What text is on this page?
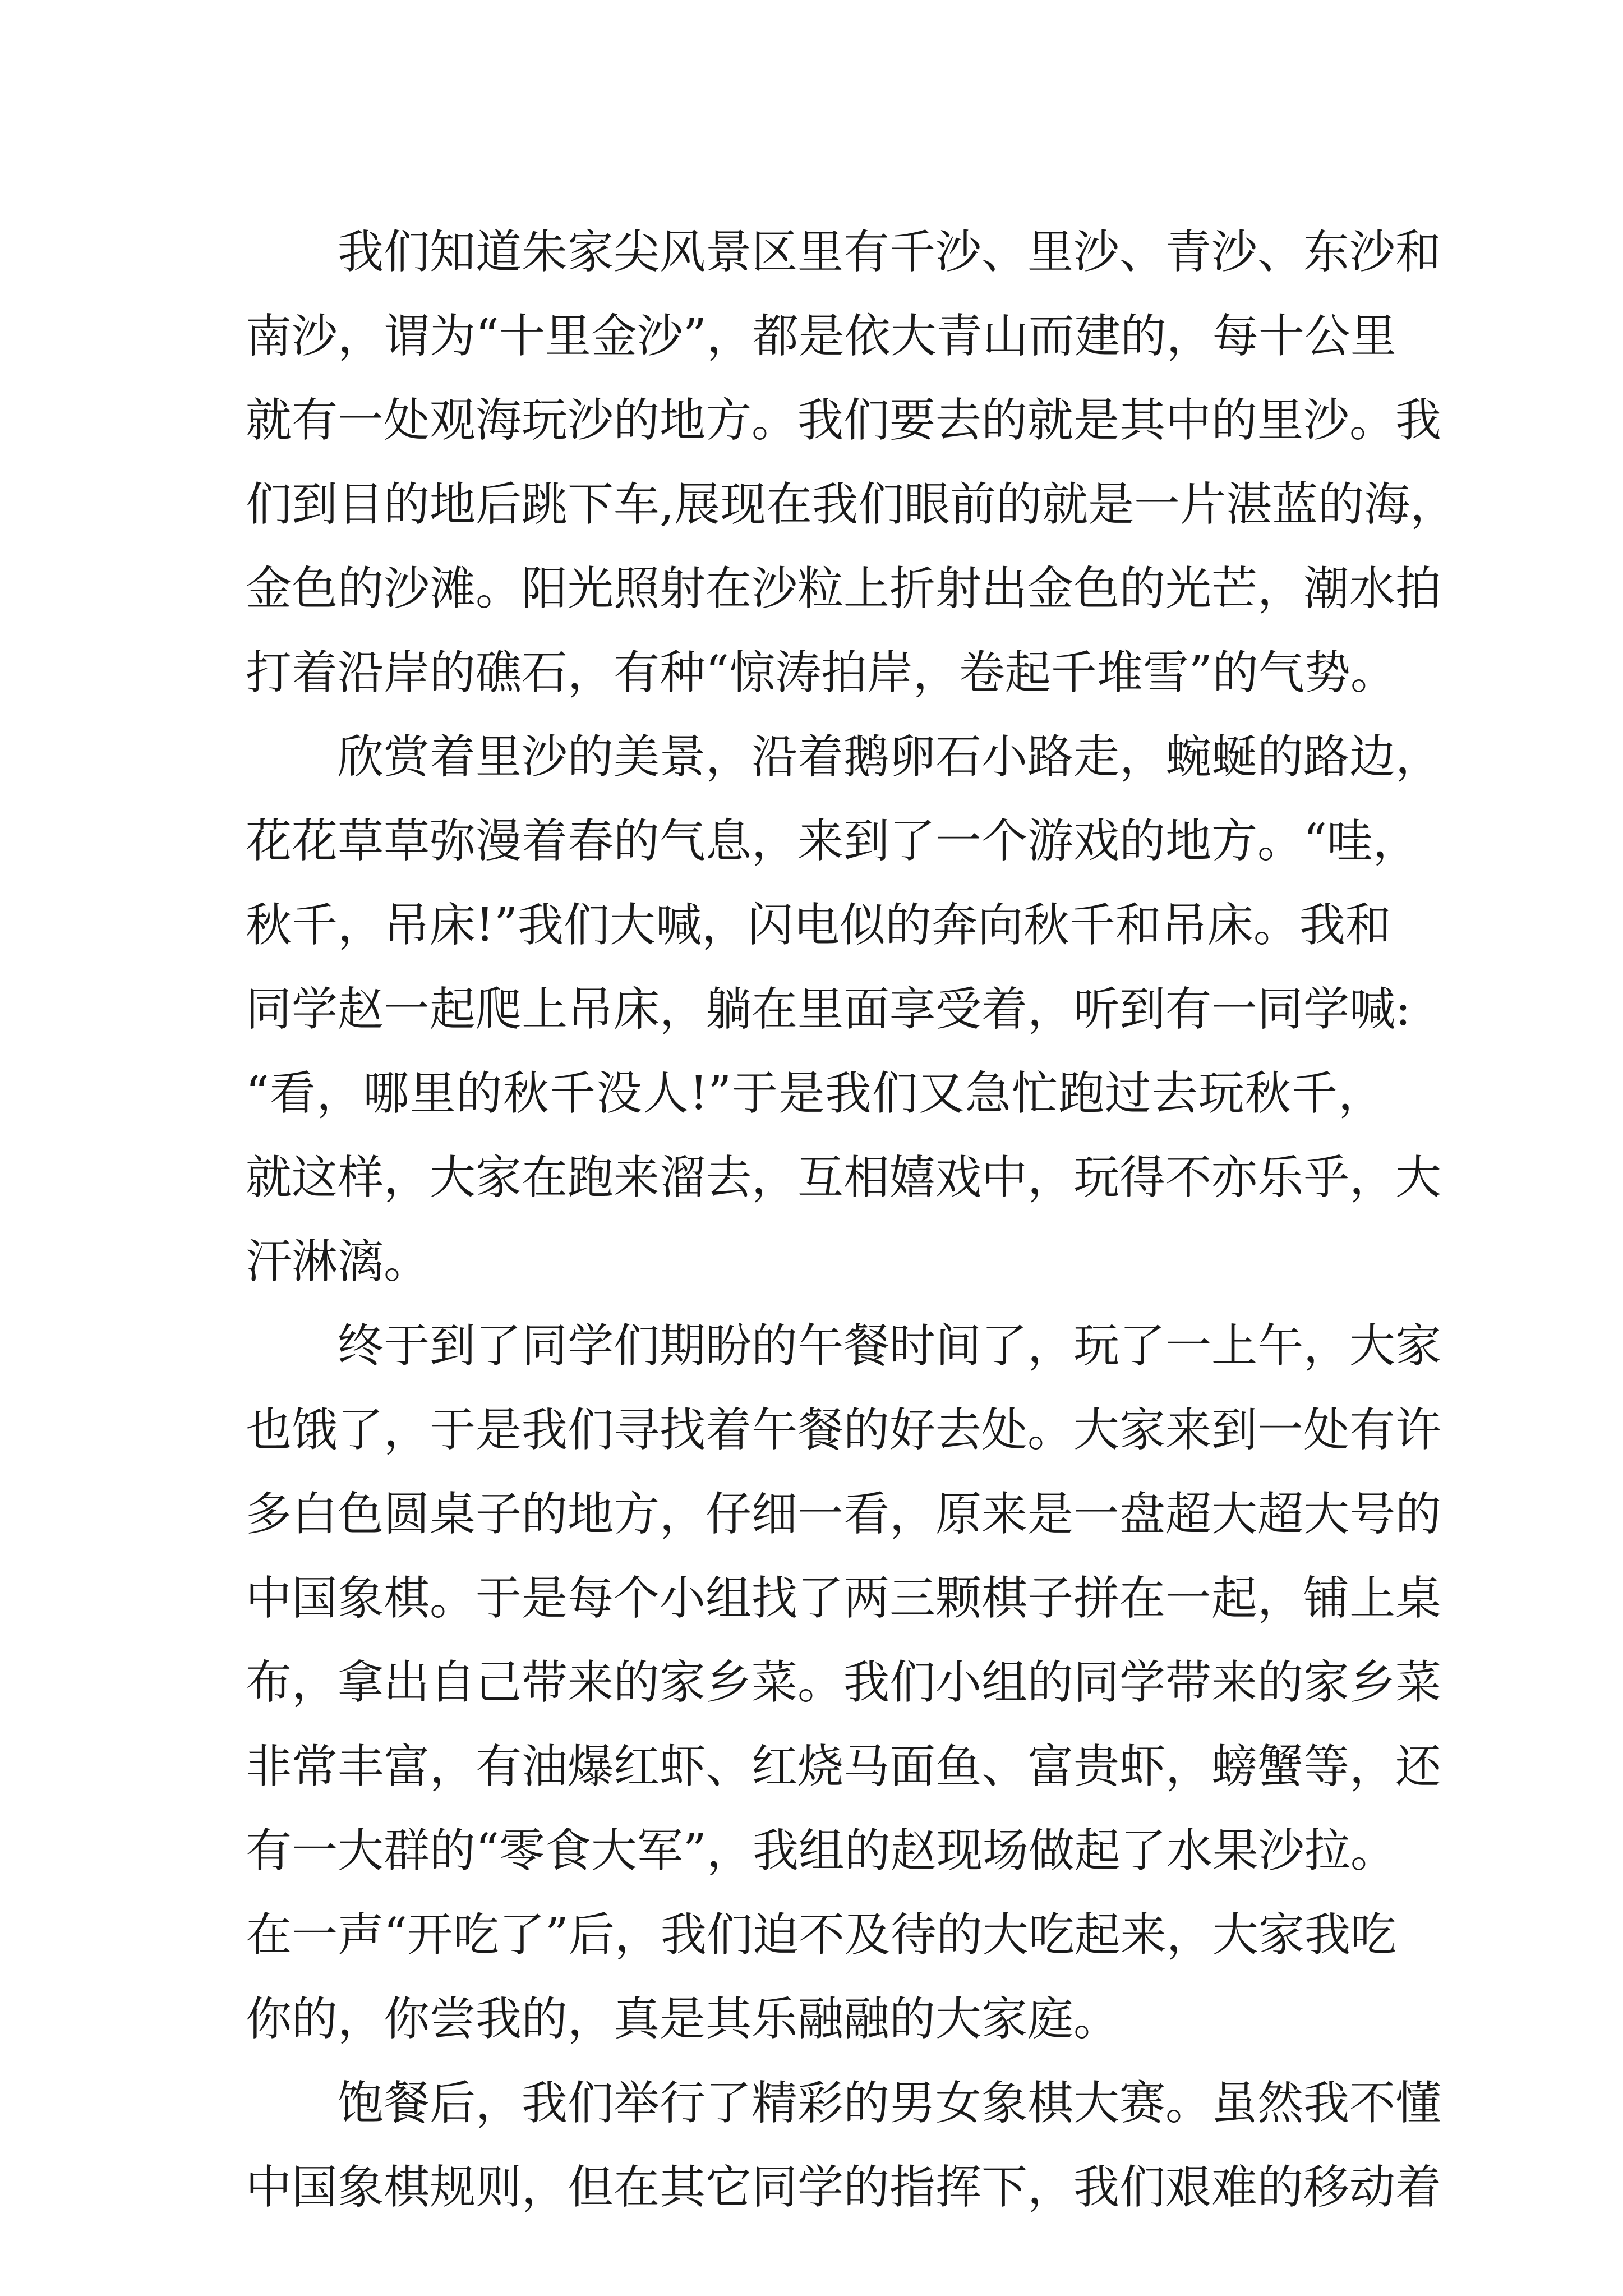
我们知道朱家尖风景区里有千沙、里沙、青沙、东沙和
南沙，谓为“十里金沙”，都是依大青山而建的，每十公里
就有一处观海玩沙的地方。我们要去的就是其中的里沙。我
们到目的地后跳下车,展现在我们眼前的就是一片湛蓝的海，
金色的沙滩。阳光照射在沙粒上折射出金色的光芒，潮水拍
打着沿岸的礁石，有种“惊涛拍岸，卷起千堆雪”的气势。
欣赏着里沙的美景，沿着鹅卵石小路走，蜿蜒的路边，
花花草草弥漫着春的气息，来到了一个游戏的地方。“哇，
秋千，吊床!”我们大喊，闪电似的奔向秋千和吊床。我和
同学赵一起爬上吊床，躺在里面享受着，听到有一同学喊:
“看，哪里的秋千没人!”于是我们又急忙跑过去玩秋千，
就这样，大家在跑来溜去，互相嬉戏中，玩得不亦乐乎，大
汗淋漓。
终于到了同学们期盼的午餐时间了，玩了一上午，大家
也饿了，于是我们寻找着午餐的好去处。大家来到一处有许
多白色圆桌子的地方，仔细一看，原来是一盘超大超大号的
中国象棋。于是每个小组找了两三颗棋子拼在一起，铺上桌
布，拿出自己带来的家乡菜。我们小组的同学带来的家乡菜
非常丰富，有油爆红虾、红烧马面鱼、富贵虾，螃蟹等，还
有一大群的“零食大军”，我组的赵现场做起了水果沙拉。
在一声“开吃了”后，我们迫不及待的大吃起来，大家我吃
你的，你尝我的，真是其乐融融的大家庭。
饱餐后，我们举行了精彩的男女象棋大赛。虽然我不懂
中国象棋规则，但在其它同学的指挥下，我们艰难的移动着
